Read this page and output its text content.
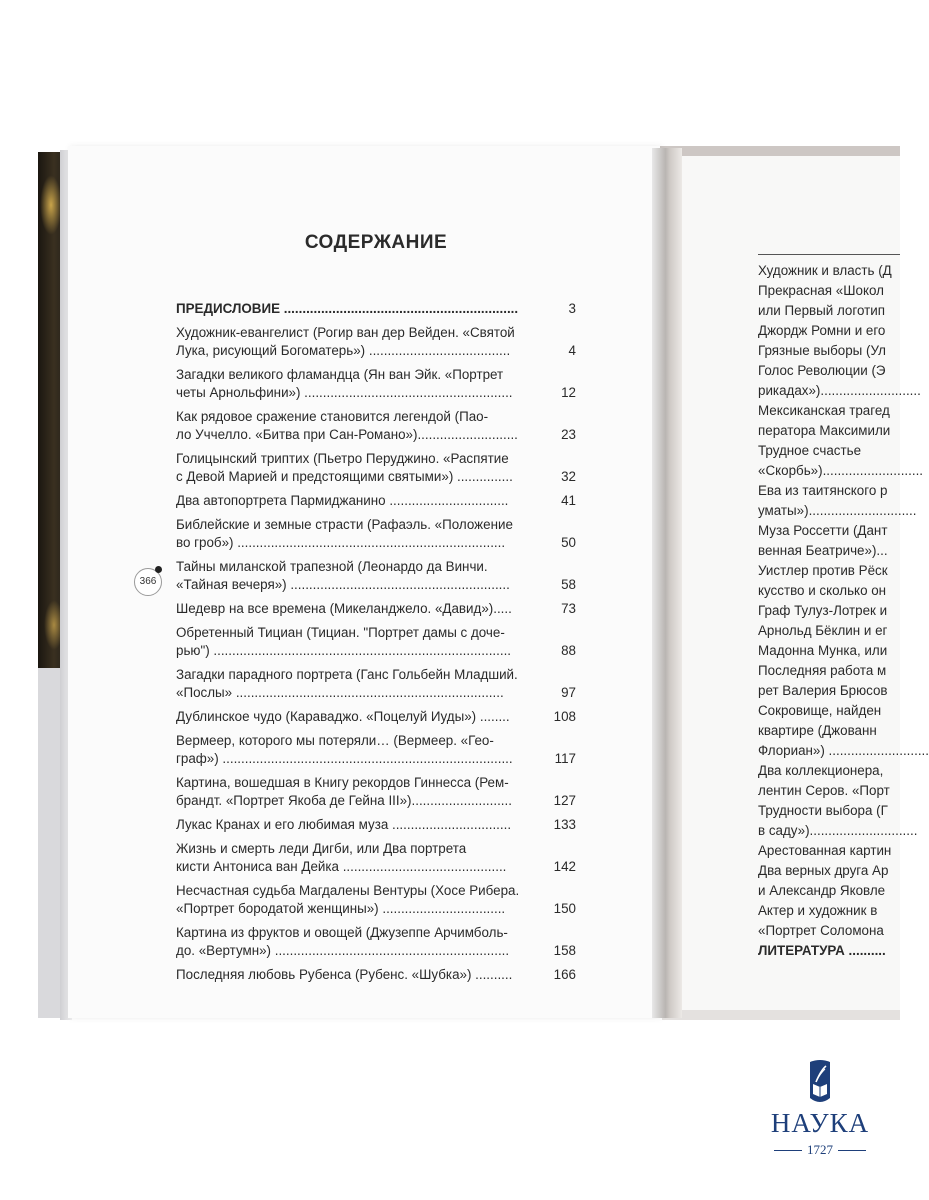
СОДЕРЖАНИЕ
ПРЕДИСЛОВИЕ ...............................................................	3
Художник-евангелист (Рогир ван дер Вейден. «Святой
Лука, рисующий Богоматерь») ......................................	4
Загадки великого фламандца (Ян ван Эйк. «Портрет
четы Арнольфини») ........................................................	12
Как рядовое сражение становится легендой (Пао-
ло Уччелло. «Битва при Сан-Романо»)...........................	23
Голицынский триптих (Пьетро Перуджино. «Распятие
с Девой Марией и предстоящими святыми») ...............	32
Два автопортрета Пармиджанино ................................	41
Библейские и земные страсти (Рафаэль. «Положение
во гроб») ........................................................................	50
Тайны миланской трапезной (Леонардо да Винчи.
«Тайная вечеря») ...........................................................	58
Шедевр на все времена (Микеланджело. «Давид»).....	73
Обретенный Тициан (Тициан. "Портрет дамы с доче-
рью") ................................................................................	88
Загадки парадного портрета (Ганс Гольбейн Младший.
«Послы» ........................................................................	97
Дублинское чудо (Караваджо. «Поцелуй Иуды») ........	108
Вермеер, которого мы потеряли… (Вермеер. «Гео-
граф») ..............................................................................	117
Картина, вошедшая в Книгу рекордов Гиннесса (Рем-
брандт. «Портрет Якоба де Гейна III»)...........................	127
Лукас Кранах и его любимая муза ................................	133
Жизнь и смерть леди Дигби, или Два портрета
кисти Антониса ван Дейка ............................................	142
Несчастная судьба Магдалены Вентуры (Хосе Рибера.
«Портрет бородатой женщины») .................................	150
Картина из фруктов и овощей (Джузеппе Арчимболь-
до. «Вертумн») ...............................................................	158
Последняя любовь Рубенса (Рубенс. «Шубка») ..........	166
366
Художник и власть (Д
Прекрасная «Шокол
или Первый логотип
Джордж Ромни и его
Грязные выборы (Ул
Голос Революции (Э
рикадах»)...........................
Мексиканская трагед
ператора Максимили
Трудное счастье
«Скорбь»)...........................
Ева из таитянского р
уматы»).............................
Муза Россетти (Дант
венная Беатриче»)...
Уистлер против Рёск
кусство и сколько он
Граф Тулуз-Лотрек и
Арнольд Бёклин и ег
Мадонна Мунка, или
Последняя работа м
рет Валерия Брюсов
Сокровище, найден
квартире (Джованн
Флориан») ...........................
Два коллекционера,
лентин Серов. «Порт
Трудности выбора (Г
в саду»).............................
Арестованная картин
Два верных друга Ар
и Александр Яковле
Актер и художник в
«Портрет Соломона
ЛИТЕРАТУРА ..........
НАУКА
1727
